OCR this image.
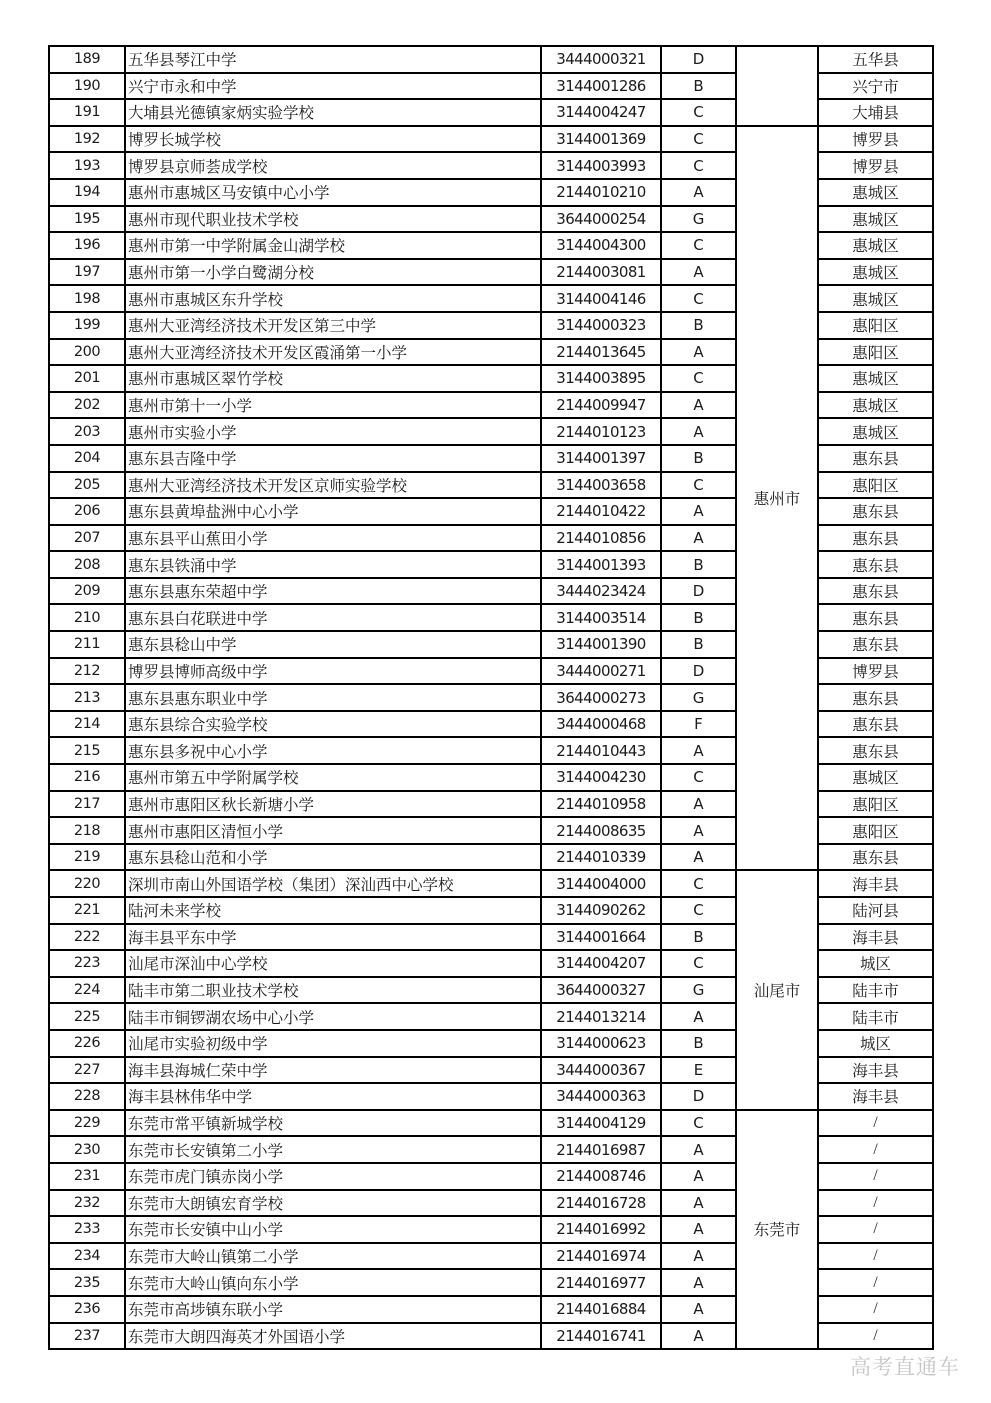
189	五华县琴江中学	3444000321	D		五华县
190	兴宁市永和中学	3144001286	B		兴宁市
191	大埔县光德镇家炳实验学校	3144004247	C		大埔县
192	博罗长城学校	3144001369	C	惠州市	博罗县
193	博罗县京师荟成学校	3144003993	C		博罗县
194	惠州市惠城区马安镇中心小学	2144010210	A		惠城区
195	惠州市现代职业技术学校	3644000254	G		惠城区
196	惠州市第一中学附属金山湖学校	3144004300	C		惠城区
197	惠州市第一小学白鹭湖分校	2144003081	A		惠城区
198	惠州市惠城区东升学校	3144004146	C		惠城区
199	惠州大亚湾经济技术开发区第三中学	3144000323	B		惠阳区
200	惠州大亚湾经济技术开发区霞涌第一小学	2144013645	A		惠阳区
201	惠州市惠城区翠竹学校	3144003895	C		惠城区
202	惠州市第十一小学	2144009947	A		惠城区
203	惠州市实验小学	2144010123	A		惠城区
204	惠东县吉隆中学	3144001397	B		惠东县
205	惠州大亚湾经济技术开发区京师实验学校	3144003658	C		惠阳区
206	惠东县黄埠盐洲中心小学	2144010422	A		惠东县
207	惠东县平山蕉田小学	2144010856	A		惠东县
208	惠东县铁涌中学	3144001393	B		惠东县
209	惠东县惠东荣超中学	3444023424	D		惠东县
210	惠东县白花联进中学	3144003514	B		惠东县
211	惠东县稔山中学	3144001390	B		惠东县
212	博罗县博师高级中学	3444000271	D		博罗县
213	惠东县惠东职业中学	3644000273	G		惠东县
214	惠东县综合实验学校	3444000468	F		惠东县
215	惠东县多祝中心小学	2144010443	A		惠东县
216	惠州市第五中学附属学校	3144004230	C		惠城区
217	惠州市惠阳区秋长新塘小学	2144010958	A		惠阳区
218	惠州市惠阳区清恒小学	2144008635	A		惠阳区
219	惠东县稔山范和小学	2144010339	A		惠东县
220	深圳市南山外国语学校（集团）深汕西中心学校	3144004000	C	汕尾市	海丰县
221	陆河未来学校	3144090262	C		陆河县
222	海丰县平东中学	3144001664	B		海丰县
223	汕尾市深汕中心学校	3144004207	C		城区
224	陆丰市第二职业技术学校	3644000327	G		陆丰市
225	陆丰市铜锣湖农场中心小学	2144013214	A		陆丰市
226	汕尾市实验初级中学	3144000623	B		城区
227	海丰县海城仁荣中学	3444000367	E		海丰县
228	海丰县林伟华中学	3444000363	D		海丰县
229	东莞市常平镇新城学校	3144004129	C	东莞市	/
230	东莞市长安镇第二小学	2144016987	A		/
231	东莞市虎门镇赤岗小学	2144008746	A		/
232	东莞市大朗镇宏育学校	2144016728	A		/
233	东莞市长安镇中山小学	2144016992	A		/
234	东莞市大岭山镇第二小学	2144016974	A		/
235	东莞市大岭山镇向东小学	2144016977	A		/
236	东莞市高埗镇东联小学	2144016884	A		/
237	东莞市大朗四海英才外国语小学	2144016741	A		/
高考直通车
